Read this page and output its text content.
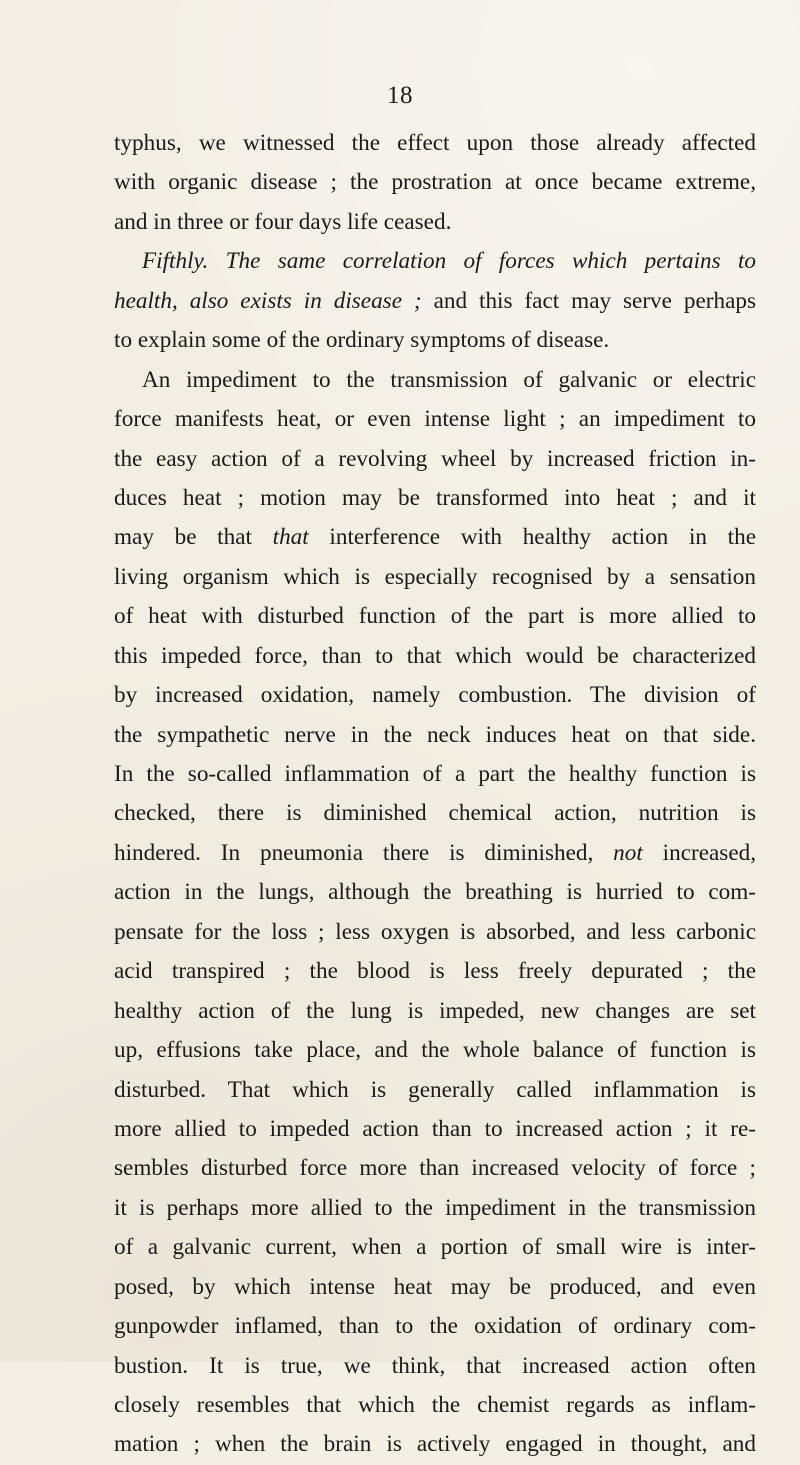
18
typhus, we witnessed the effect upon those already affected
with organic disease ; the prostration at once became extreme,
and in three or four days life ceased.
Fifthly. The same correlation of forces which pertains to
health, also exists in disease ; and this fact may serve perhaps
to explain some of the ordinary symptoms of disease.
An impediment to the transmission of galvanic or electric
force manifests heat, or even intense light ; an impediment to
the easy action of a revolving wheel by increased friction in-
duces heat ; motion may be transformed into heat ; and it
may be that that interference with healthy action in the
living organism which is especially recognised by a sensation
of heat with disturbed function of the part is more allied to
this impeded force, than to that which would be characterized
by increased oxidation, namely combustion. The division of
the sympathetic nerve in the neck induces heat on that side.
In the so-called inflammation of a part the healthy function is
checked, there is diminished chemical action, nutrition is
hindered. In pneumonia there is diminished, not increased,
action in the lungs, although the breathing is hurried to com-
pensate for the loss ; less oxygen is absorbed, and less carbonic
acid transpired ; the blood is less freely depurated ; the
healthy action of the lung is impeded, new changes are set
up, effusions take place, and the whole balance of function is
disturbed. That which is generally called inflammation is
more allied to impeded action than to increased action ; it re-
sembles disturbed force more than increased velocity of force ;
it is perhaps more allied to the impediment in the transmission
of a galvanic current, when a portion of small wire is inter-
posed, by which intense heat may be produced, and even
gunpowder inflamed, than to the oxidation of ordinary com-
bustion. It is true, we think, that increased action often
closely resembles that which the chemist regards as inflam-
mation ; when the brain is actively engaged in thought, and
